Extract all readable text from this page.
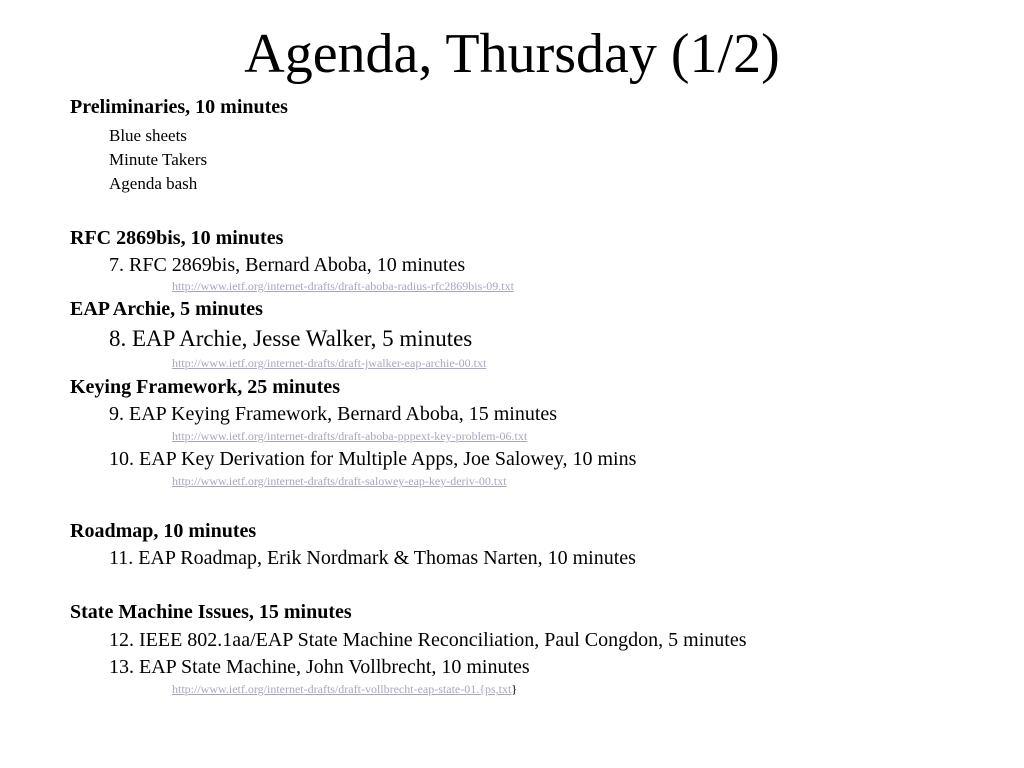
Agenda, Thursday (1/2)
Preliminaries, 10 minutes
Blue sheets
Minute Takers
Agenda bash
RFC 2869bis, 10 minutes
7. RFC 2869bis, Bernard Aboba, 10 minutes
http://www.ietf.org/internet-drafts/draft-aboba-radius-rfc2869bis-09.txt
EAP Archie, 5 minutes
8. EAP Archie, Jesse Walker, 5 minutes
http://www.ietf.org/internet-drafts/draft-jwalker-eap-archie-00.txt
Keying Framework, 25 minutes
9. EAP Keying Framework, Bernard Aboba, 15 minutes
http://www.ietf.org/internet-drafts/draft-aboba-pppext-key-problem-06.txt
10. EAP Key Derivation for Multiple Apps, Joe Salowey, 10 mins
http://www.ietf.org/internet-drafts/draft-salowey-eap-key-deriv-00.txt
Roadmap, 10 minutes
11. EAP Roadmap, Erik Nordmark & Thomas Narten, 10 minutes
State Machine Issues, 15 minutes
12. IEEE 802.1aa/EAP State Machine Reconciliation, Paul Congdon, 5 minutes
13. EAP State Machine, John Vollbrecht, 10 minutes
http://www.ietf.org/internet-drafts/draft-vollbrecht-eap-state-01.{ps,txt}
